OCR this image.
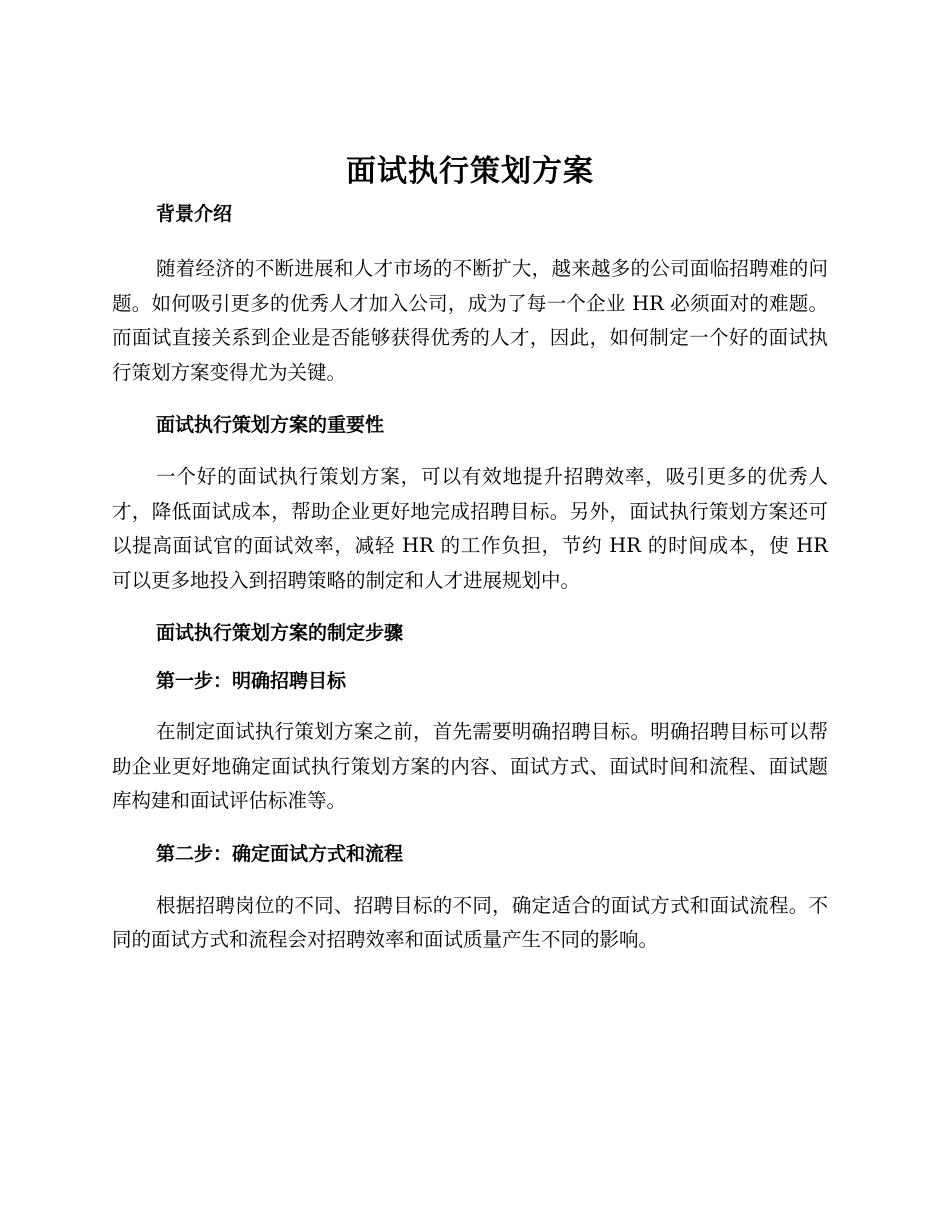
面试执行策划方案
背景介绍

随着经济的不断进展和人才市场的不断扩大，越来越多的公司面临招聘难的问题。如何吸引更多的优秀人才加入公司，成为了每一个企业 HR 必须面对的难题。而面试直接关系到企业是否能够获得优秀的人才，因此，如何制定一个好的面试执行策划方案变得尤为关键。

面试执行策划方案的重要性

一个好的面试执行策划方案，可以有效地提升招聘效率，吸引更多的优秀人才，降低面试成本，帮助企业更好地完成招聘目标。另外，面试执行策划方案还可以提高面试官的面试效率，减轻 HR 的工作负担，节约 HR 的时间成本，使 HR 可以更多地投入到招聘策略的制定和人才进展规划中。

面试执行策划方案的制定步骤
第一步：明确招聘目标

在制定面试执行策划方案之前，首先需要明确招聘目标。明确招聘目标可以帮助企业更好地确定面试执行策划方案的内容、面试方式、面试时间和流程、面试题库构建和面试评估标准等。

第二步：确定面试方式和流程

根据招聘岗位的不同、招聘目标的不同，确定适合的面试方式和面试流程。不同的面试方式和流程会对招聘效率和面试质量产生不同的影响。
